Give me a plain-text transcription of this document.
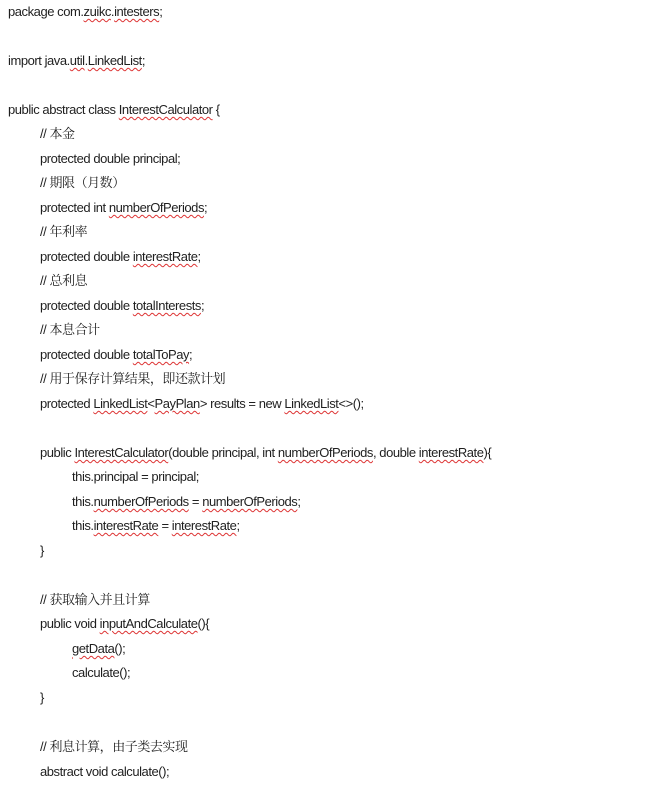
package com.zuikc.intesters;
import java.util.LinkedList;
public abstract class InterestCalculator {
// 本金
protected double principal;
// 期限（月数）
protected int numberOfPeriods;
// 年利率
protected double interestRate;
// 总利息
protected double totalInterests;
// 本息合计
protected double totalToPay;
// 用于保存计算结果，即还款计划
protected LinkedList<PayPlan> results = new LinkedList<>();
public InterestCalculator(double principal, int numberOfPeriods, double interestRate){
this.principal = principal;
this.numberOfPeriods = numberOfPeriods;
this.interestRate = interestRate;
}
// 获取输入并且计算
public void inputAndCalculate(){
getData();
calculate();
}
// 利息计算，由子类去实现
abstract void calculate();
